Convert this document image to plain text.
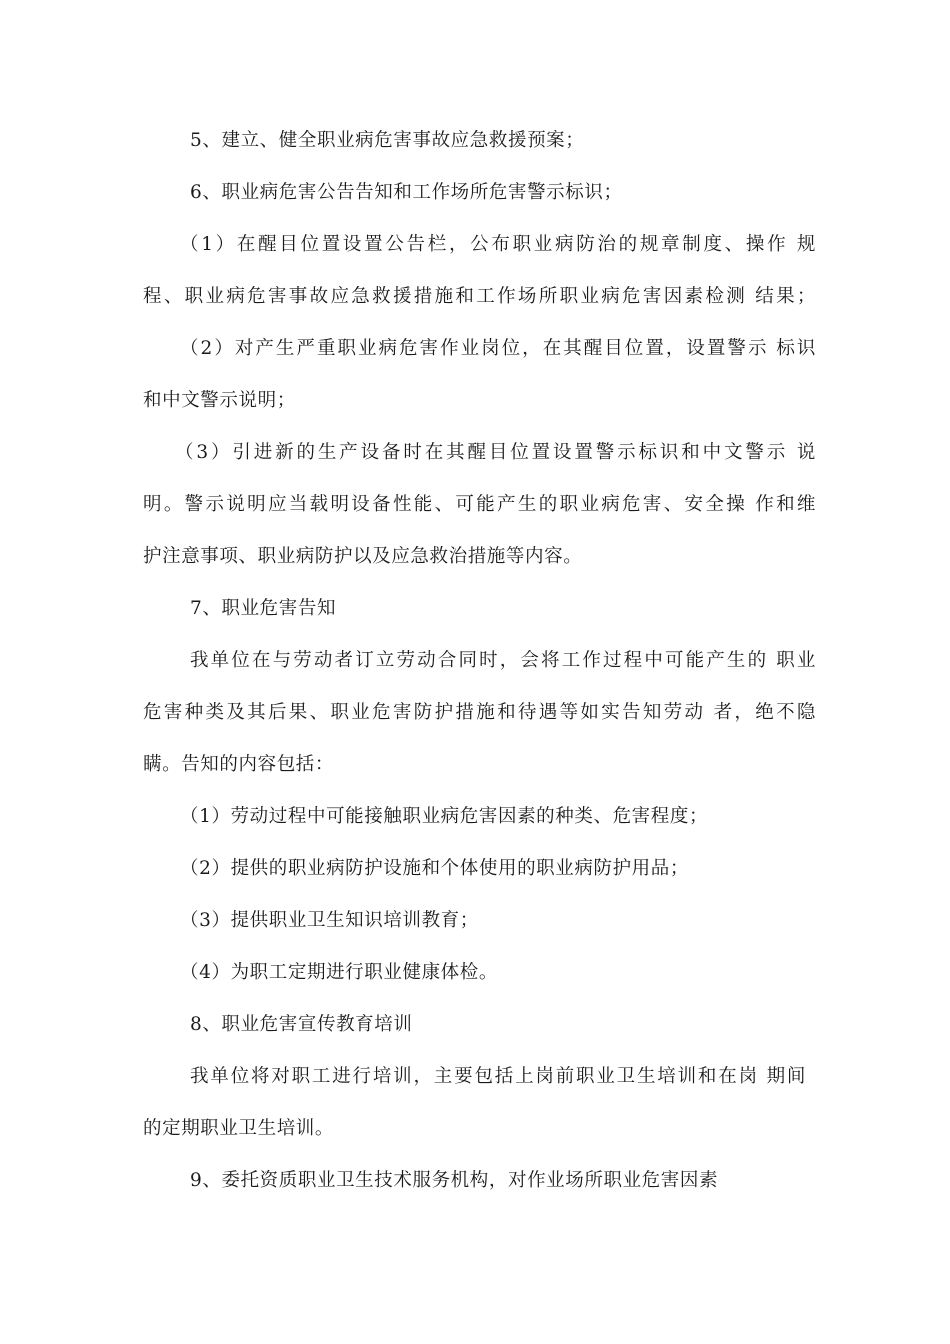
5、建立、健全职业病危害事故应急救援预案；
6、职业病危害公告告知和工作场所危害警示标识；
（1）在醒目位置设置公告栏，公布职业病防治的规章制度、操作 规
程、职业病危害事故应急救援措施和工作场所职业病危害因素检测 结果；
（2）对产生严重职业病危害作业岗位，在其醒目位置，设置警示 标识
和中文警示说明；
（3）引进新的生产设备时在其醒目位置设置警示标识和中文警示 说
明。警示说明应当载明设备性能、可能产生的职业病危害、安全操 作和维
护注意事项、职业病防护以及应急救治措施等内容。
7、职业危害告知
我单位在与劳动者订立劳动合同时，会将工作过程中可能产生的 职业
危害种类及其后果、职业危害防护措施和待遇等如实告知劳动 者，绝不隐
瞒。告知的内容包括：
（1）劳动过程中可能接触职业病危害因素的种类、危害程度；
（2）提供的职业病防护设施和个体使用的职业病防护用品；
（3）提供职业卫生知识培训教育；
（4）为职工定期进行职业健康体检。
8、职业危害宣传教育培训
我单位将对职工进行培训，主要包括上岗前职业卫生培训和在岗 期间
的定期职业卫生培训。
9、委托资质职业卫生技术服务机构，对作业场所职业危害因素
